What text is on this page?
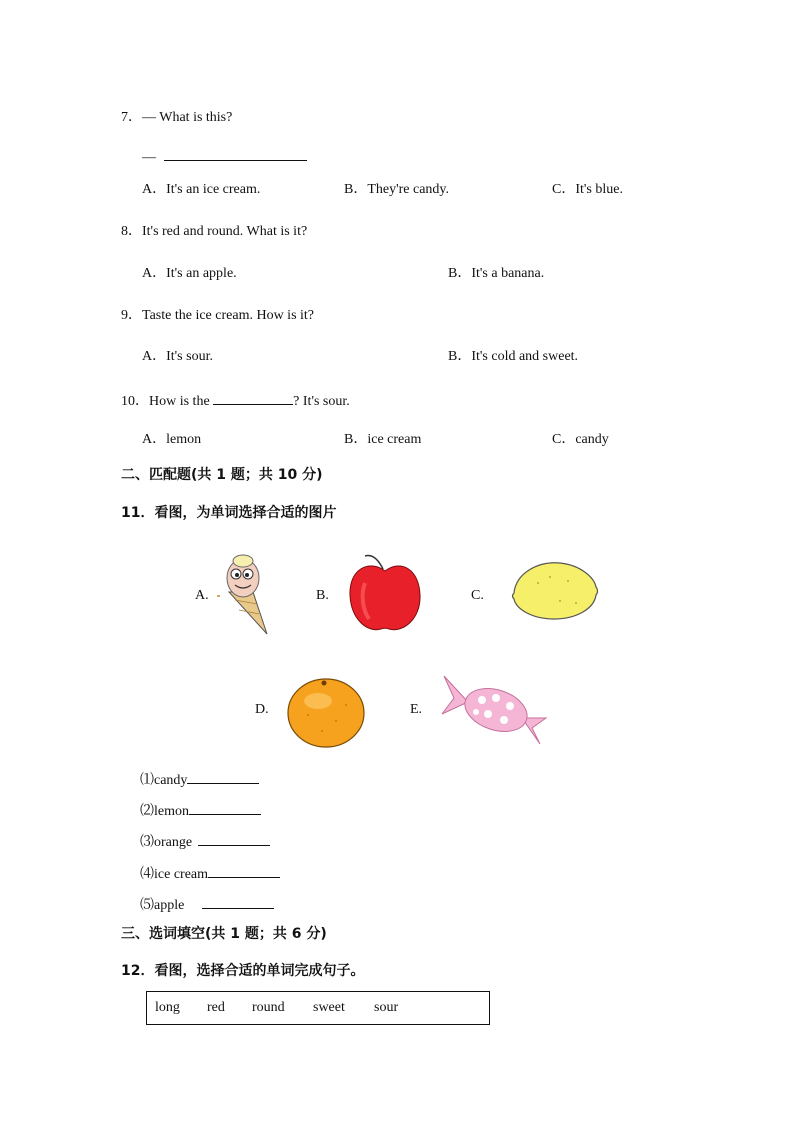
7．— What is this?
—
A．It's an ice cream.	B．They're candy.	C．It's blue.
8．It's red and round. What is it?
A．It's an apple.	B．It's a banana.
9．Taste the ice cream. How is it?
A．It's sour.	B．It's cold and sweet.
10．How is the	? It's sour.
A．lemon	B．ice cream	C．candy
二、匹配题(共 1 题；共 10 分)
11．看图，为单词选择合适的图片
A.	B.	C.
D.	E.
⑴candy
⑵lemon
⑶orange
⑷ice cream
⑸apple
三、选词填空(共 1 题；共 6 分)
12．看图，选择合适的单词完成句子。
long red round sweet sour
